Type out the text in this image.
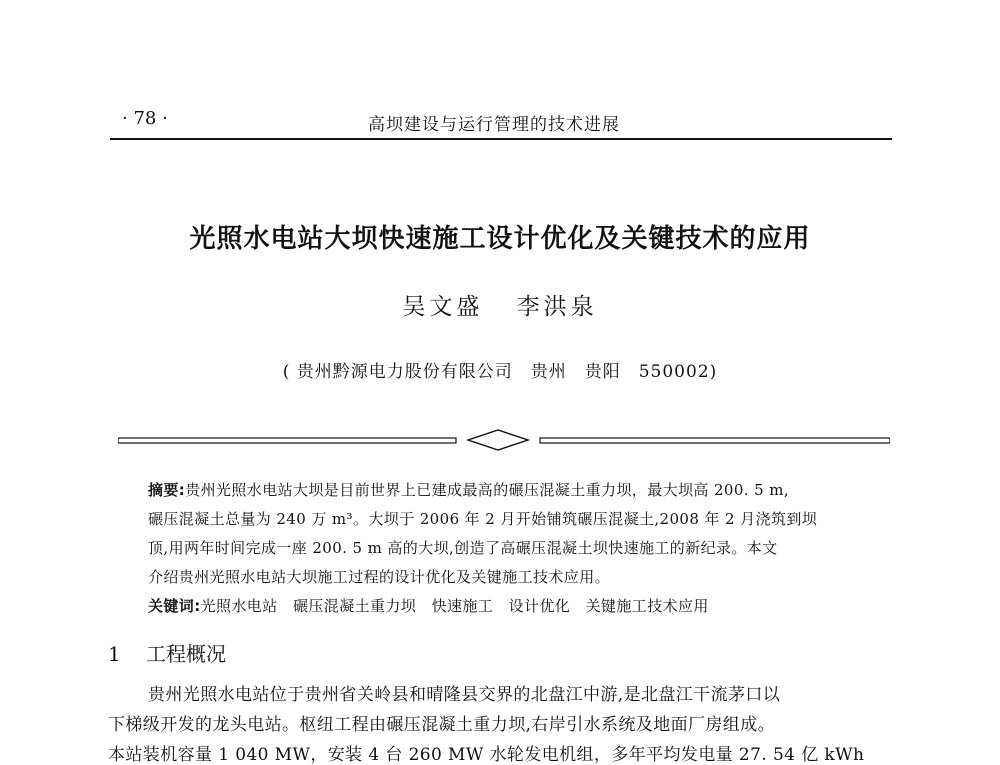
· 78 ·	高坝建设与运行管理的技术进展
光照水电站大坝快速施工设计优化及关键技术的应用
吴文盛 李洪泉
( 贵州黔源电力股份有限公司　贵州　贵阳　550002)
摘要:贵州光照水电站大坝是目前世界上已建成最高的碾压混凝土重力坝，最大坝高 200. 5 m,
碾压混凝土总量为 240 万 m³。大坝于 2006 年 2 月开始铺筑碾压混凝土,2008 年 2 月浇筑到坝
顶,用两年时间完成一座 200. 5 m 高的大坝,创造了高碾压混凝土坝快速施工的新纪录。本文
介绍贵州光照水电站大坝施工过程的设计优化及关键施工技术应用。
关键词:光照水电站　碾压混凝土重力坝　快速施工　设计优化　关键施工技术应用
1 工程概况
贵州光照水电站位于贵州省关岭县和晴隆县交界的北盘江中游,是北盘江干流茅口以
下梯级开发的龙头电站。枢纽工程由碾压混凝土重力坝,右岸引水系统及地面厂房组成。
本站装机容量 1 040 MW，安装 4 台 260 MW 水轮发电机组，多年平均发电量 27. 54 亿 kWh
